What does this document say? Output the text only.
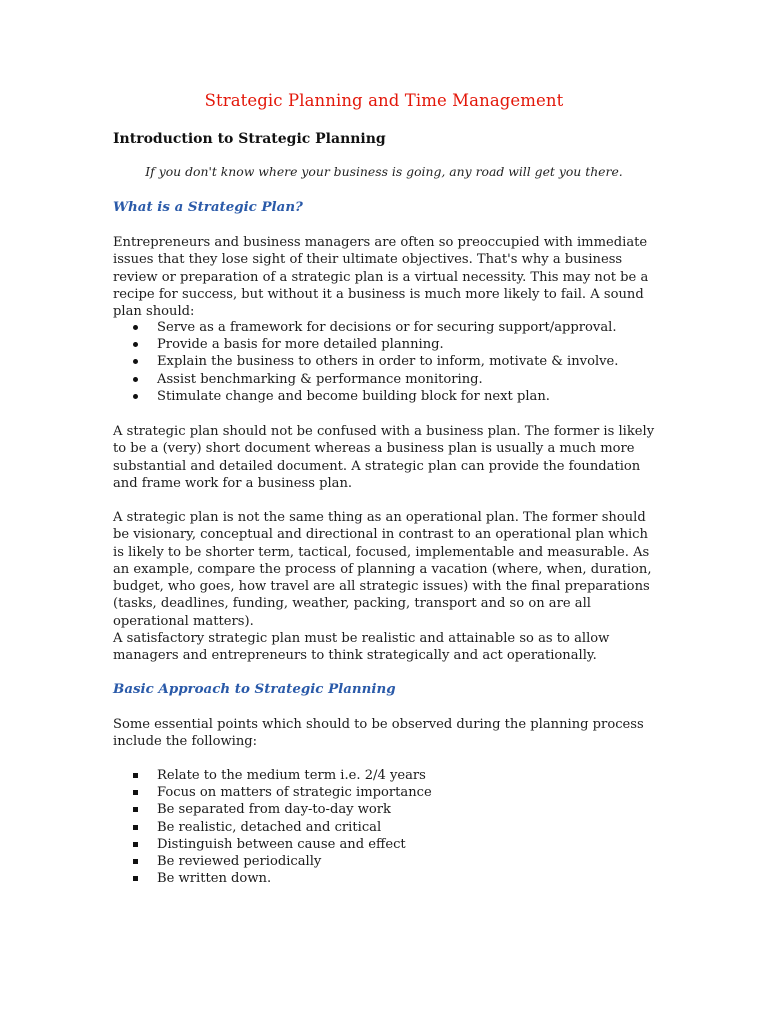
Strategic Planning and Time Management
Introduction to Strategic Planning
If you don't know where your business is going, any road will get you there.
What is a Strategic Plan?

Entrepreneurs and business managers are often so preoccupied with immediate issues that they lose sight of their ultimate objectives. That's why a business review or preparation of a strategic plan is a virtual necessity. This may not be a recipe for success, but without it a business is much more likely to fail. A sound plan should:

Serve as a framework for decisions or for securing support/approval.
Provide a basis for more detailed planning.
Explain the business to others in order to inform, motivate & involve.
Assist benchmarking & performance monitoring.
Stimulate change and become building block for next plan.

A strategic plan should not be confused with a business plan. The former is likely to be a (very) short document whereas a business plan is usually a much more substantial and detailed document. A strategic plan can provide the foundation and frame work for a business plan.

A strategic plan is not the same thing as an operational plan. The former should be visionary, conceptual and directional in contrast to an operational plan which is likely to be shorter term, tactical, focused, implementable and measurable. As an example, compare the process of planning a vacation (where, when, duration, budget, who goes, how travel are all strategic issues) with the final preparations (tasks, deadlines, funding, weather, packing, transport and so on are all operational matters).

A satisfactory strategic plan must be realistic and attainable so as to allow managers and entrepreneurs to think strategically and act operationally.

Basic Approach to Strategic Planning

Some essential points which should to be observed during the planning process include the following:

Relate to the medium term i.e. 2/4 years
Focus on matters of strategic importance
Be separated from day-to-day work
Be realistic, detached and critical
Distinguish between cause and effect
Be reviewed periodically
Be written down.
